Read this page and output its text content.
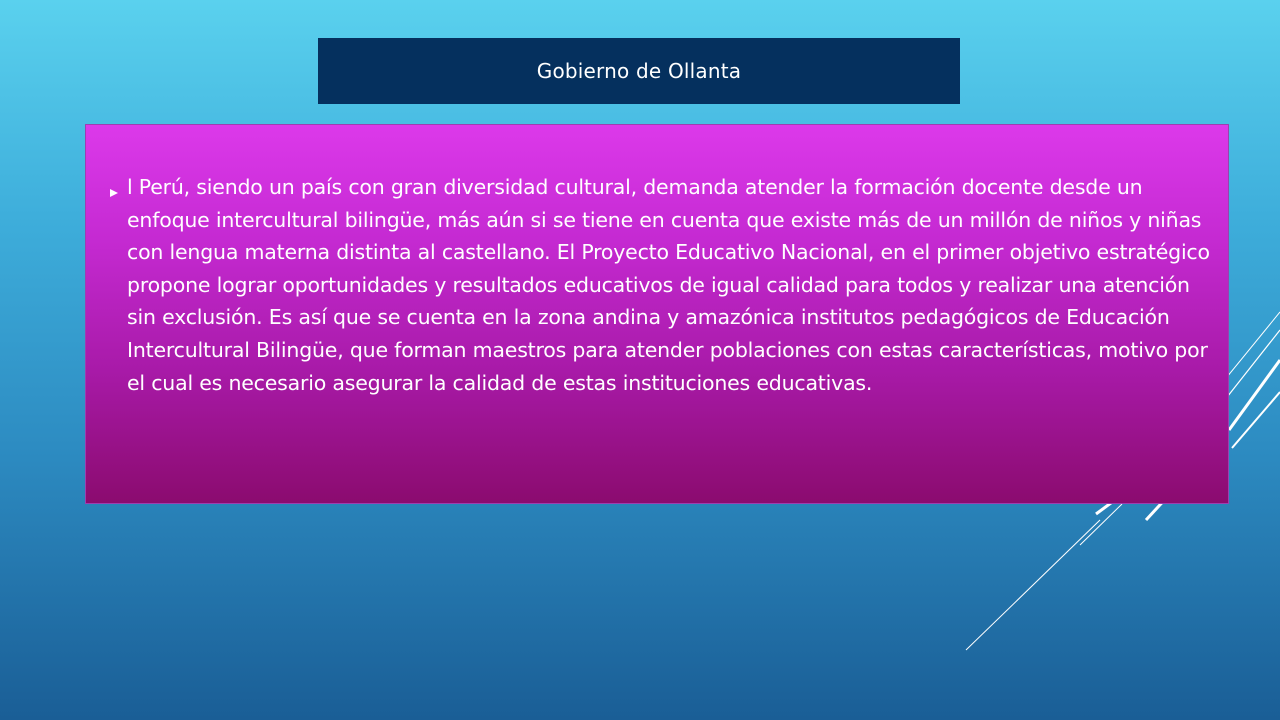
Gobierno de Ollanta

l Perú, siendo un país con gran diversidad cultural, demanda atender la formación docente desde un enfoque intercultural bilingüe, más aún si se tiene en cuenta que existe más de un millón de niños y niñas con lengua materna distinta al castellano. El Proyecto Educativo Nacional, en el primer objetivo estratégico propone lograr oportunidades y resultados educativos de igual calidad para todos y realizar una atención sin exclusión. Es así que se cuenta en la zona andina y amazónica institutos pedagógicos de Educación Intercultural Bilingüe, que forman maestros para atender poblaciones con estas características, motivo por el cual es necesario asegurar la calidad de estas instituciones educativas.
